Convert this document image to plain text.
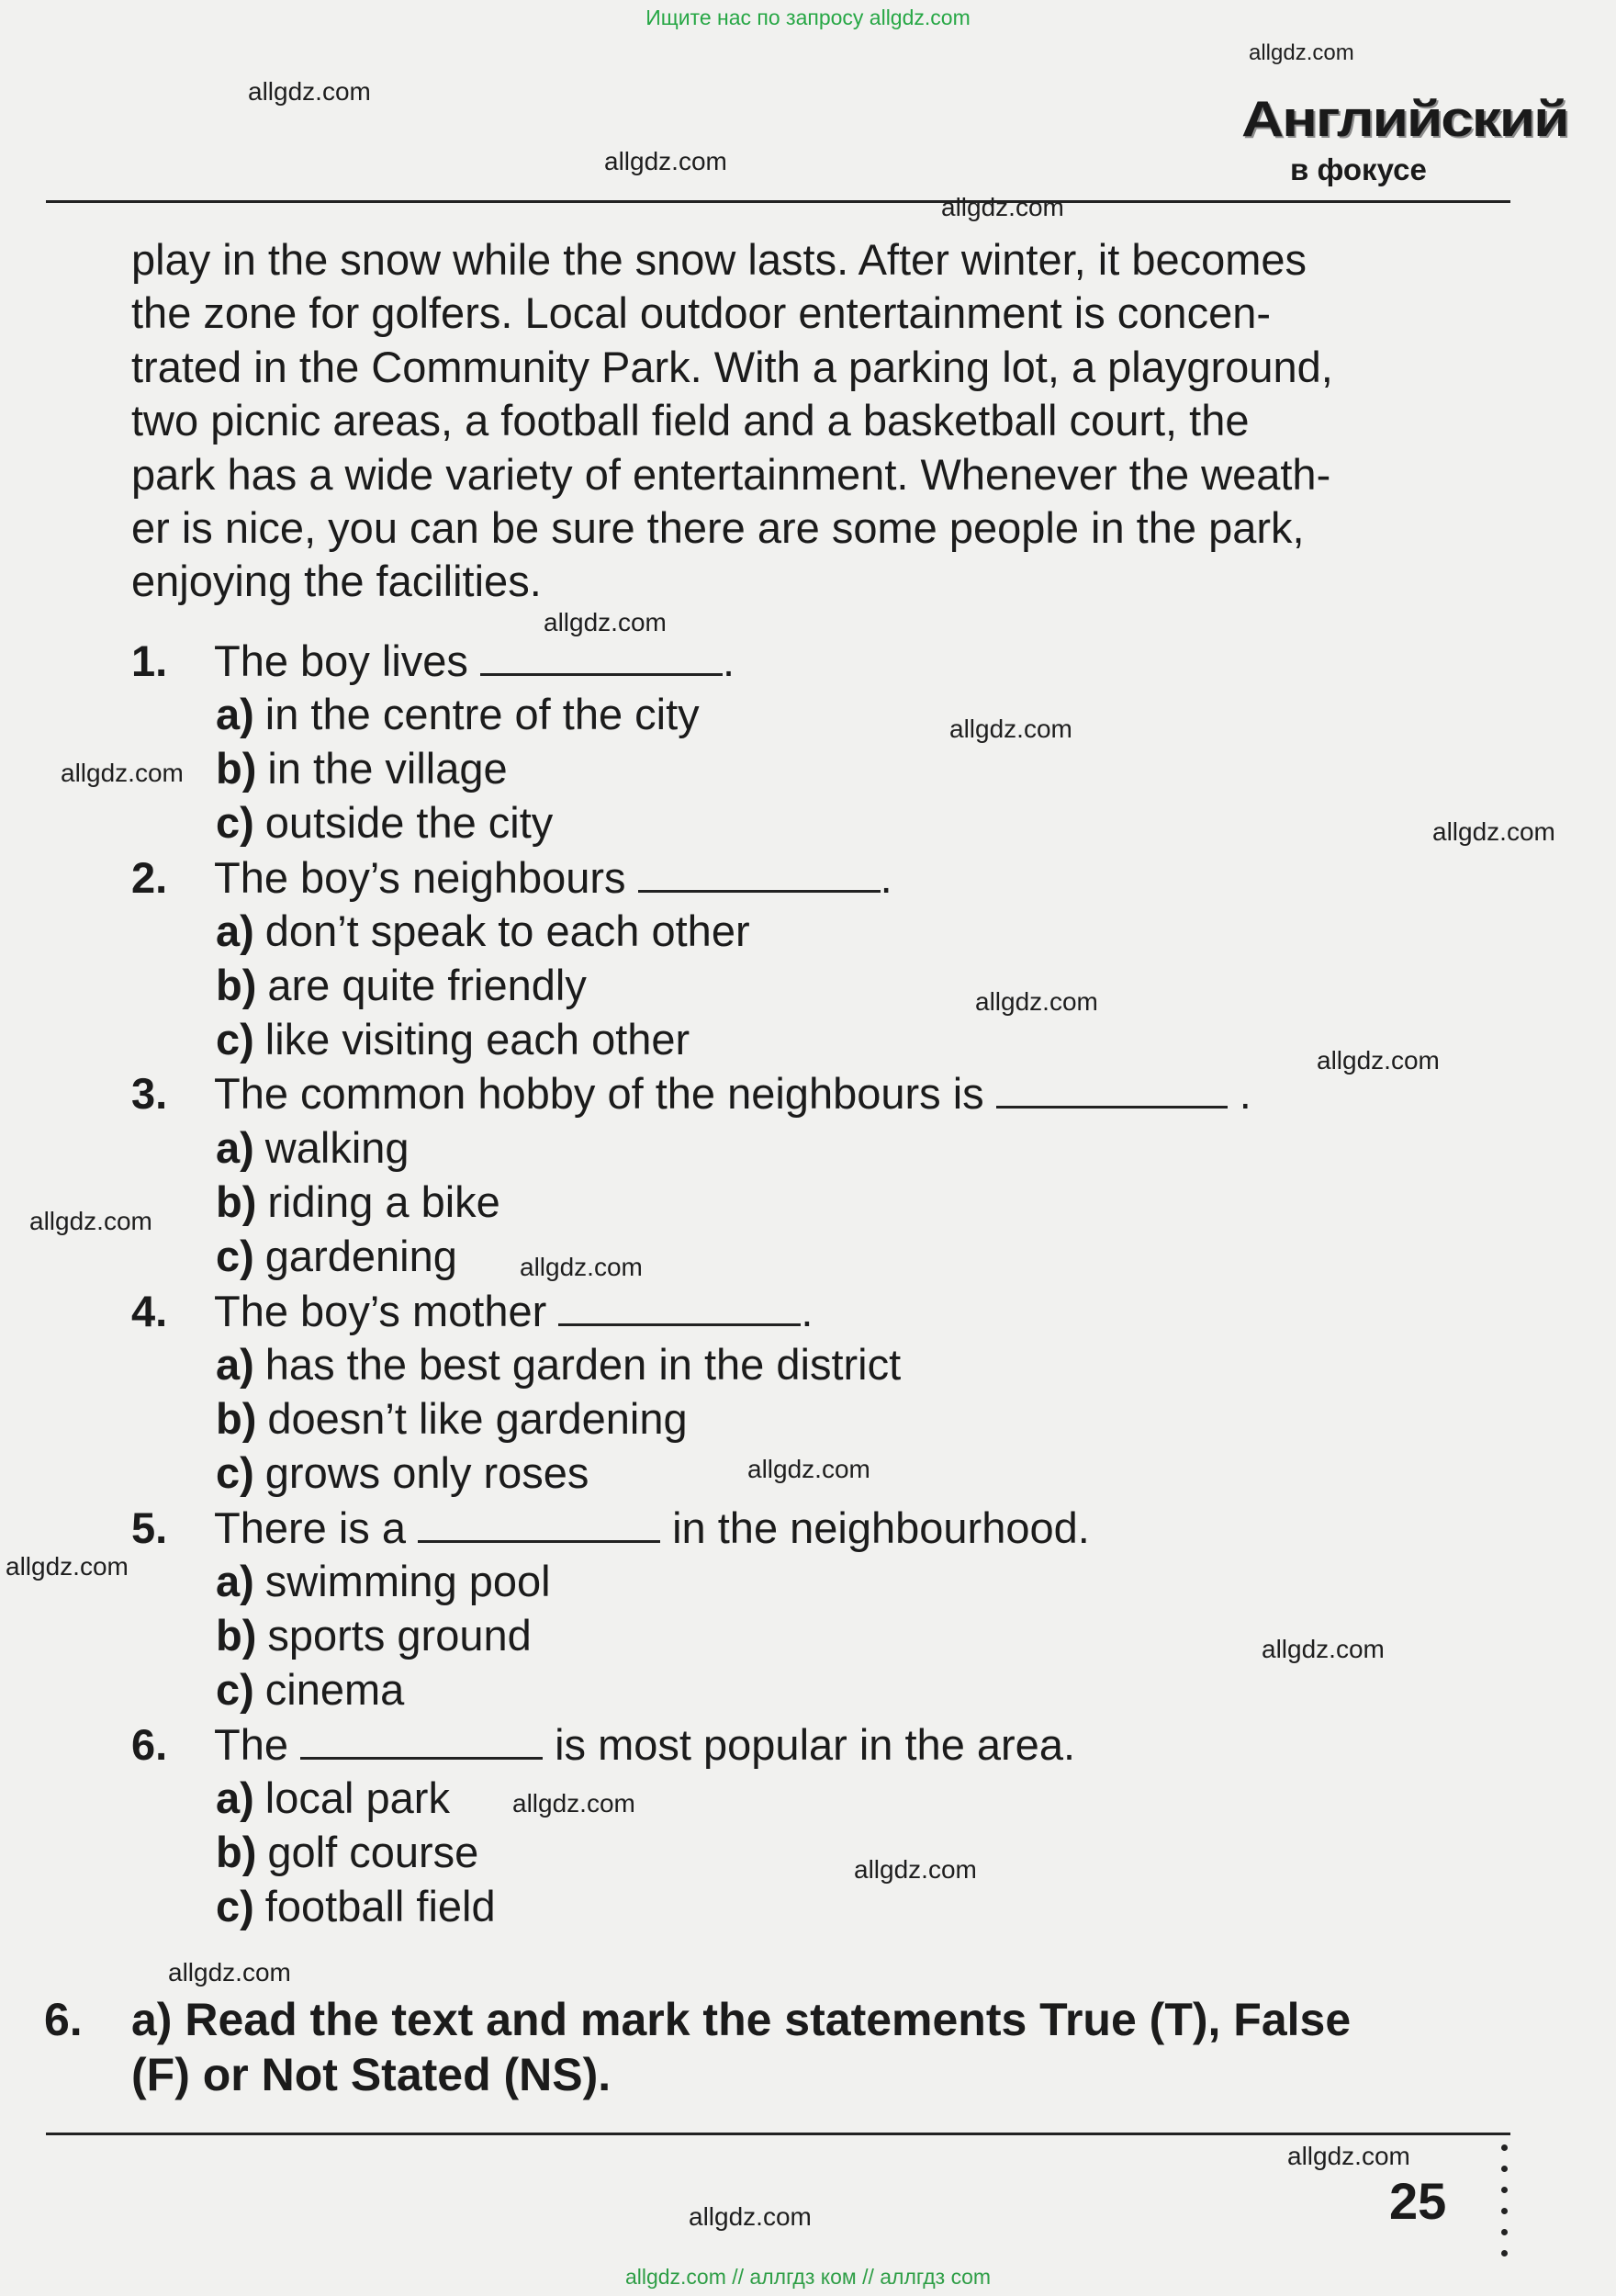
Ищите нас по запросу allgdz.com
allgdz.com // аллгдз ком // аллгдз com
Английский
в фокусе
play in the snow while the snow lasts. After winter, it becomes
the zone for golfers. Local outdoor entertainment is concen-
trated in the Community Park. With a parking lot, a playground,
two picnic areas, a football field and a basketball court, the
park has a wide variety of entertainment. Whenever the weath-
er is nice, you can be sure there are some people in the park,
enjoying the facilities.
1. The boy lives	.
a) in the centre of the city
b) in the village
c) outside the city
2. The boy’s neighbours	.
a) don’t speak to each other
b) are quite friendly
c) like visiting each other
3. The common hobby of the neighbours is	.
a) walking
b) riding a bike
c) gardening
4. The boy’s mother	.
a) has the best garden in the district
b) doesn’t like gardening
c) grows only roses
5. There is a	in the neighbourhood.
a) swimming pool
b) sports ground
c) cinema
6. The	is most popular in the area.
a) local park
b) golf course
c) football field
6. a) Read the text and mark the statements True (T), False
(F) or Not Stated (NS).
25
allgdz.com
allgdz.com
allgdz.com
allgdz.com
allgdz.com
allgdz.com
allgdz.com
allgdz.com
allgdz.com
allgdz.com
allgdz.com
allgdz.com
allgdz.com
allgdz.com
allgdz.com
allgdz.com
allgdz.com
allgdz.com
allgdz.com
allgdz.com
